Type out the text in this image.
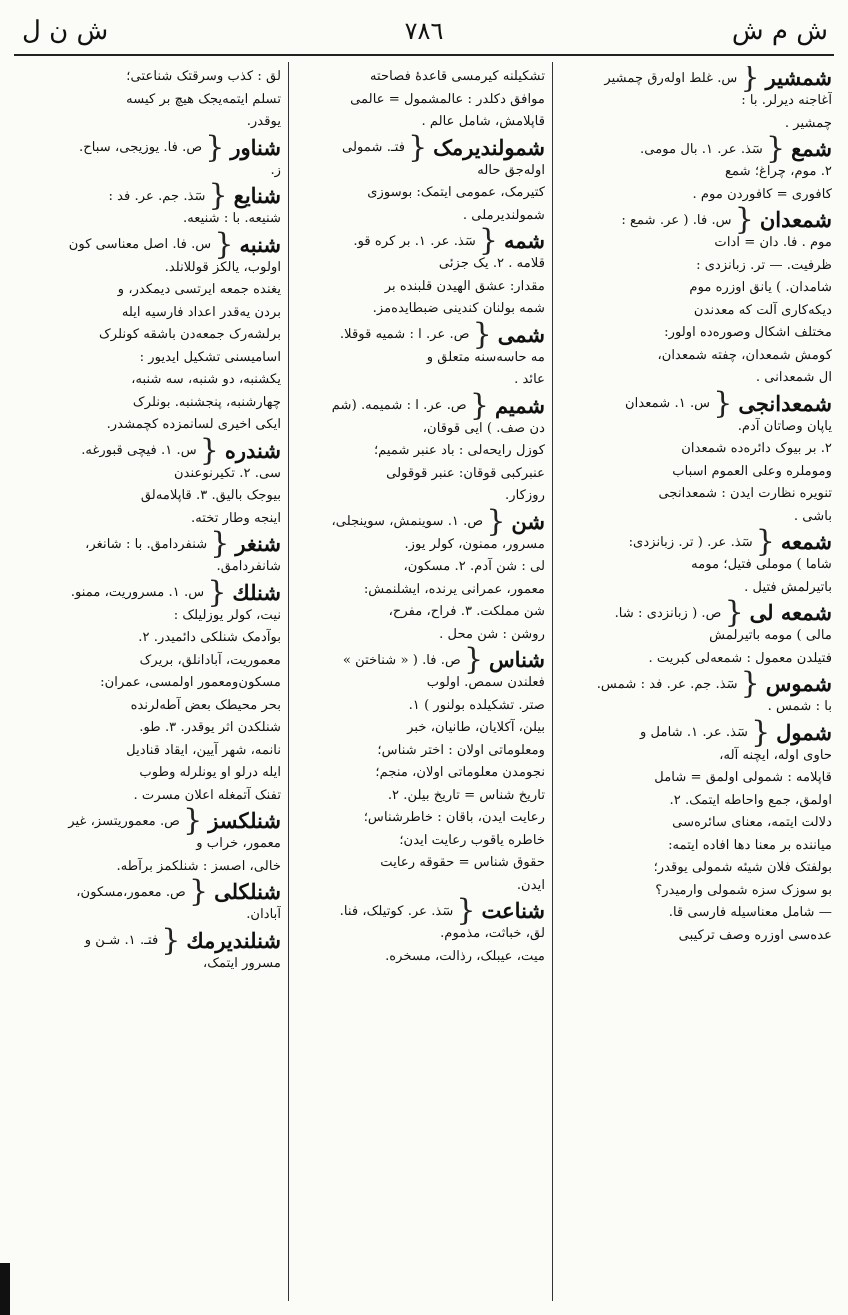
ش م ش
٧٨٦
ش ن ل
شمشیر{س. غلط اولەرق چمشیر
آغاجنه دیرلر. با :
چمشیر .
شمع{سٓذ. عر. ١. بال مومی.
٢. موم، چراغ؛ شمع
کافوری = کافوردن موم .
شمعدان{س. فا. ( عر. شمع :
موم . فا. دان = ادات
ظرفیت. — تر. زبانزدی :
شامدان. ) یانق اوزره موم
دیکەکاری آلت کە معدندن
مختلف اشکال وصورەدە اولور:
کومش شمعدان، چفتە شمعدان،
ال شمعدانی .
شمعدانجی{س. ١. شمعدان
یاپان وصاتان آدم.
٢. بر بیوک دائرەدە شمعدان
وموملرە وعلی العموم اسباب
تنویرە نظارت ایدن : شمعدانجی
باشی .
شمعه{سٓذ. عر. ( تر. زبانزدی:
شاما ) موملی فتیل؛ مومە
باتیرلمش فتیل .
شمعه لی{ص. ( زبانزدی : شا.
مالی ) مومە باتیرلمش
فتیلدن معمول : شمعەلی کبریت .
شموس{سٓذ. جم. عر. فد : شمس.
با : شمس .
شمول{سٓذ. عر. ١. شامل و
حاوی اولە، ایچنە آلە،
قاپلامە : شمولی اولمق = شامل
اولمق، جمع واحاطە ایتمک. ٢.
دلالت ایتمە، معنای سائرەسی
میاننده بر معنا دها افادە ایتمە:
بولفتک فلان شیئە شمولی یوقدر؛
بو سوزک سزە شمولی وارمیدر؟
— شامل معناسیلە فارسی قا.
عدەسی اوزرە وصف ترکیبی
تشکیلنە کیرمسی قاعدۀ فصاحتە
موافق دکلدر : عالمشمول = عالمی
قاپلامش، شامل عالم .
شمولندیرمک{فتـ. شمولی
اولەجق حالە
کتیرمک، عمومی ایتمک: بوسوزی
شمولندیرملی .
شمه{سٓذ. عر. ١. بر کرە قو.
قلامە . ٢. یک جزئی
مقدار: عشق الهیدن قلبندە بر
شمە بولنان کندینی ضبطایدەمز.
شمی{ص. عر. ا : شمیە قوقلا.
مە حاسەسنە متعلق و
عائد .
شمیم{ص. عر. ا : شمیمە. (شم
دن صف. ) ایی قوقان،
کوزل رایحەلی : باد عنبر شمیم؛
عنبرکبی قوقان: عنبر قوقولی
روزکار.
شن{ص. ١. سوینمش، سوینجلی،
مسرور، ممنون، کولر یوز.
لی : شن آدم. ٢. مسکون،
معمور، عمرانی یرندە، ایشلنمش:
شن مملکت. ٣. فراح، مفرح،
روشن : شن محل .
شناس{ص. فا. ( « شناختن »
فعلندن سمص. اولوب
صتر. تشکیلدە بولنور ) ١.
بیلن، آکلایان، طانیان، خبر
ومعلوماتی اولان : اختر شناس؛
نجومدن معلوماتی اولان، منجم؛
تاریخ شناس = تاریخ بیلن. ٢.
رعایت ایدن، باقان : خاطرشناس؛
خاطرە یاقوب رعایت ایدن؛
حقوق شناس = حقوقە رعایت
ایدن.
شناعت{سٓذ. عر. کوتیلک، فنا.
لق، خباثت، مذموم.
میت، عیبلک، رذالت، مسخرە.
لق : کذب وسرقتک شناعتی؛
تسلم ایتمەیجک هیچ بر کیسە
یوقدر.
شناور{ص. فا. یوزیجی، سباح.
ز.
شنایع{سٓذ. جم. عر. فد :
شنیعە. با : شنیعە.
شنبه{س. فا. اصل معناسی کون
اولوب، یالکز قوللانلد.
یغندە جمعە ایرتسی دیمکدر، و
بردن یەقدر اعداد فارسیە ایلە
برلشەرک جمعەدن باشقە کونلرک
اسامیسنی تشکیل ایدیور :
یکشنبە، دو شنبە، سە شنبە،
چهارشنبە، پنجشنبە. بونلرک
ایکی اخیری لسانمزدە کچمشدر.
شندره{س. ١. فیچی قبورغە.
سی. ٢. تکیرنوعندن
بیوجک بالیق. ٣. قاپلامەلق
اینجە وطار تختە.
شنغر{شنفردامق. با : شانغر،
شانفردامق.
شنلك{س. ١. مسروریت، ممنو.
نیت، کولر یوزلیلک :
بوآدمک شنلکی دائمیدر. ٢.
معموریت، آبادانلق، بریرک
مسکون‌ومعمور اولمسی، عمران:
بحر محیطک بعض آطەلرندە
شنلکدن اثر یوقدر. ٣. طو.
نانمە، شهر آیین، ایقاد قنادیل
ایلە درلو او یونلرلە وطوب
تفنک آتمغلە اعلان مسرت .
شنلکسز{ص. معموریتسز، غیر
معمور، خراب و
خالی، اصسز : شنلکمز برآطە.
شنلکلی{ص. معمور،مسکون،
آبادان.
شنلندیرمك{فتـ. ١. شـن و
مسرور ایتمک،
